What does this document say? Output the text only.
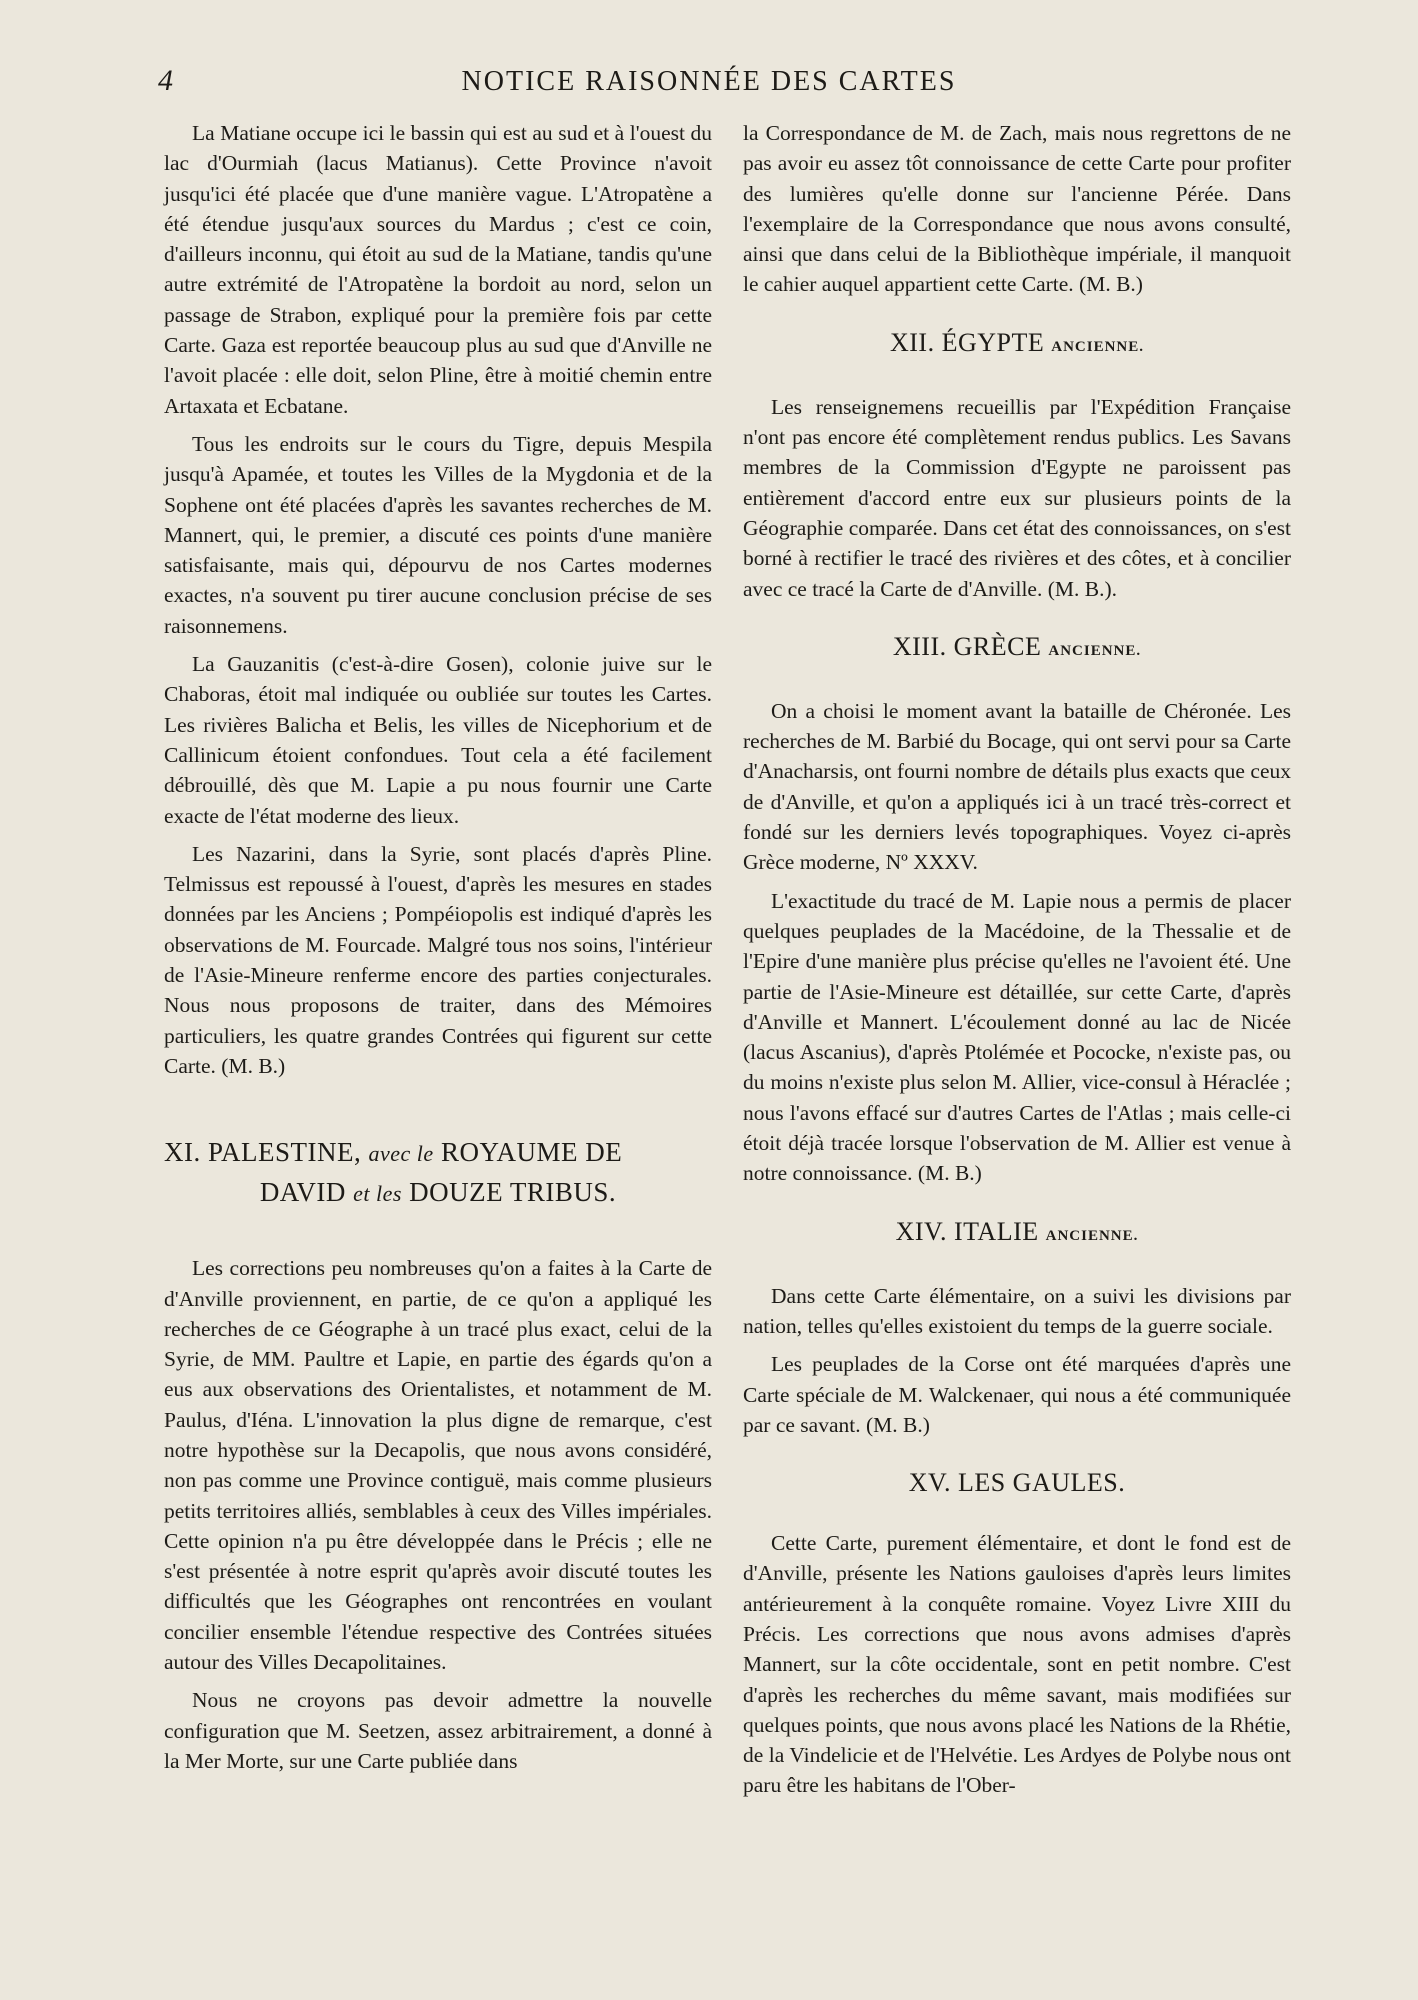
4	NOTICE RAISONNÉE DES CARTES

La Matiane occupe ici le bassin qui est au sud et à l'ouest du lac d'Ourmiah (lacus Matianus). Cette Province n'avoit jusqu'ici été placée que d'une manière vague. L'Atropatène a été étendue jusqu'aux sources du Mardus ; c'est ce coin, d'ailleurs inconnu, qui étoit au sud de la Matiane, tandis qu'une autre extrémité de l'Atropatène la bordoit au nord, selon un passage de Strabon, expliqué pour la première fois par cette Carte. Gaza est reportée beaucoup plus au sud que d'Anville ne l'avoit placée : elle doit, selon Pline, être à moitié chemin entre Artaxata et Ecbatane.

Tous les endroits sur le cours du Tigre, depuis Mespila jusqu'à Apamée, et toutes les Villes de la Mygdonia et de la Sophene ont été placées d'après les savantes recherches de M. Mannert, qui, le premier, a discuté ces points d'une manière satisfaisante, mais qui, dépourvu de nos Cartes modernes exactes, n'a souvent pu tirer aucune conclusion précise de ses raisonnemens.

La Gauzanitis (c'est-à-dire Gosen), colonie juive sur le Chaboras, étoit mal indiquée ou oubliée sur toutes les Cartes. Les rivières Balicha et Belis, les villes de Nicephorium et de Callinicum étoient confondues. Tout cela a été facilement débrouillé, dès que M. Lapie a pu nous fournir une Carte exacte de l'état moderne des lieux.

Les Nazarini, dans la Syrie, sont placés d'après Pline. Telmissus est repoussé à l'ouest, d'après les mesures en stades données par les Anciens ; Pompéiopolis est indiqué d'après les observations de M. Fourcade. Malgré tous nos soins, l'intérieur de l'Asie-Mineure renferme encore des parties conjecturales. Nous nous proposons de traiter, dans des Mémoires particuliers, les quatre grandes Contrées qui figurent sur cette Carte. (M. B.)

XI. PALESTINE, avec le ROYAUME DE
DAVID et les DOUZE TRIBUS.

Les corrections peu nombreuses qu'on a faites à la Carte de d'Anville proviennent, en partie, de ce qu'on a appliqué les recherches de ce Géographe à un tracé plus exact, celui de la Syrie, de MM. Paultre et Lapie, en partie des égards qu'on a eus aux observations des Orientalistes, et notamment de M. Paulus, d'Iéna. L'innovation la plus digne de remarque, c'est notre hypothèse sur la Decapolis, que nous avons considéré, non pas comme une Province contiguë, mais comme plusieurs petits territoires alliés, semblables à ceux des Villes impériales. Cette opinion n'a pu être développée dans le Précis ; elle ne s'est présentée à notre esprit qu'après avoir discuté toutes les difficultés que les Géographes ont rencontrées en voulant concilier ensemble l'étendue respective des Contrées situées autour des Villes Decapolitaines.

Nous ne croyons pas devoir admettre la nouvelle configuration que M. Seetzen, assez arbitrairement, a donné à la Mer Morte, sur une Carte publiée dans

la Correspondance de M. de Zach, mais nous regrettons de ne pas avoir eu assez tôt connoissance de cette Carte pour profiter des lumières qu'elle donne sur l'ancienne Pérée. Dans l'exemplaire de la Correspondance que nous avons consulté, ainsi que dans celui de la Bibliothèque impériale, il manquoit le cahier auquel appartient cette Carte. (M. B.)

XII. ÉGYPTE ANCIENNE.

Les renseignemens recueillis par l'Expédition Française n'ont pas encore été complètement rendus publics. Les Savans membres de la Commission d'Egypte ne paroissent pas entièrement d'accord entre eux sur plusieurs points de la Géographie comparée. Dans cet état des connoissances, on s'est borné à rectifier le tracé des rivières et des côtes, et à concilier avec ce tracé la Carte de d'Anville. (M. B.).

XIII. GRÈCE ANCIENNE.

On a choisi le moment avant la bataille de Chéronée. Les recherches de M. Barbié du Bocage, qui ont servi pour sa Carte d'Anacharsis, ont fourni nombre de détails plus exacts que ceux de d'Anville, et qu'on a appliqués ici à un tracé très-correct et fondé sur les derniers levés topographiques. Voyez ci-après Grèce moderne, Nº XXXV.

L'exactitude du tracé de M. Lapie nous a permis de placer quelques peuplades de la Macédoine, de la Thessalie et de l'Epire d'une manière plus précise qu'elles ne l'avoient été. Une partie de l'Asie-Mineure est détaillée, sur cette Carte, d'après d'Anville et Mannert. L'écoulement donné au lac de Nicée (lacus Ascanius), d'après Ptolémée et Pococke, n'existe pas, ou du moins n'existe plus selon M. Allier, vice-consul à Héraclée ; nous l'avons effacé sur d'autres Cartes de l'Atlas ; mais celle-ci étoit déjà tracée lorsque l'observation de M. Allier est venue à notre connoissance. (M. B.)

XIV. ITALIE ANCIENNE.

Dans cette Carte élémentaire, on a suivi les divisions par nation, telles qu'elles existoient du temps de la guerre sociale.

Les peuplades de la Corse ont été marquées d'après une Carte spéciale de M. Walckenaer, qui nous a été communiquée par ce savant. (M. B.)

XV. LES GAULES.

Cette Carte, purement élémentaire, et dont le fond est de d'Anville, présente les Nations gauloises d'après leurs limites antérieurement à la conquête romaine. Voyez Livre XIII du Précis. Les corrections que nous avons admises d'après Mannert, sur la côte occidentale, sont en petit nombre. C'est d'après les recherches du même savant, mais modifiées sur quelques points, que nous avons placé les Nations de la Rhétie, de la Vindelicie et de l'Helvétie. Les Ardyes de Polybe nous ont paru être les habitans de l'Ober-
